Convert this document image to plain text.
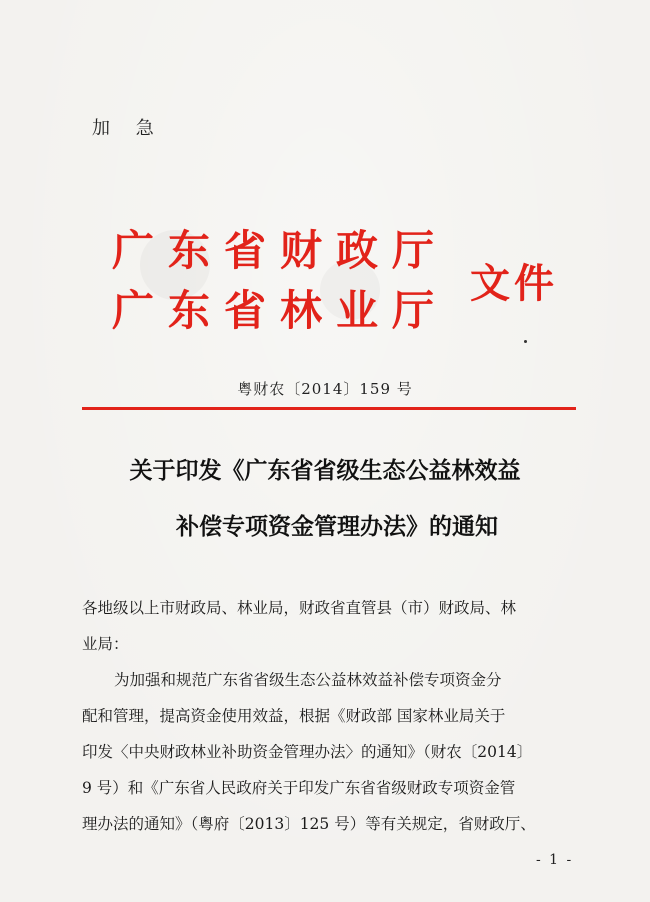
加 急
广东省财政厅
广东省林业厅
文件
粤财农〔2014〕159 号
关于印发《广东省省级生态公益林效益
补偿专项资金管理办法》的通知
各地级以上市财政局、林业局，财政省直管县（市）财政局、林
业局：
为加强和规范广东省省级生态公益林效益补偿专项资金分
配和管理，提高资金使用效益，根据《财政部 国家林业局关于
印发〈中央财政林业补助资金管理办法〉的通知》（财农〔2014〕
9 号）和《广东省人民政府关于印发广东省省级财政专项资金管
理办法的通知》（粤府〔2013〕125 号）等有关规定，省财政厅、
- 1 -
